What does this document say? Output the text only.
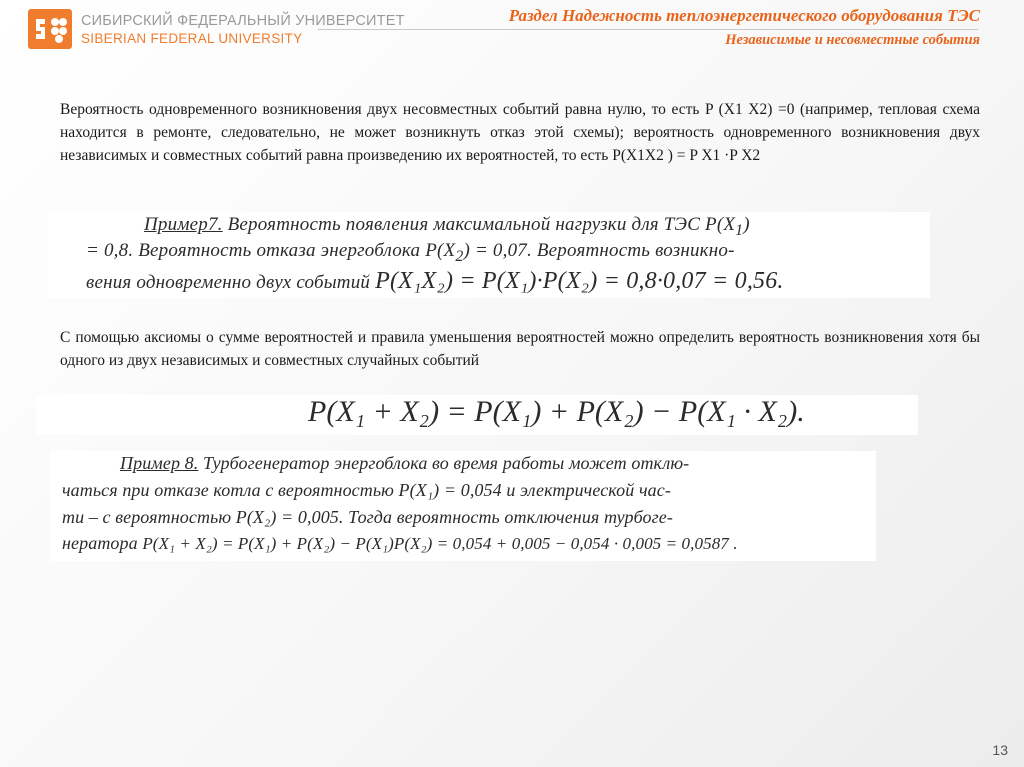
СИБИРСКИЙ ФЕДЕРАЛЬНЫЙ УНИВЕРСИТЕТ
SIBERIAN FEDERAL UNIVERSITY
Раздел Надежность теплоэнергетического оборудования ТЭС
Независимые и несовместные события
Вероятность одновременного возникновения двух несовместных событий равна нулю, то есть P (X1 X2) =0 (например, тепловая схема находится в ремонте, следовательно, не может возникнуть отказ этой схемы); вероятность одновременного возникновения двух независимых и совместных событий равна произведению их вероятностей, то есть Р(X1X2 ) = P X1 ·P X2
Пример7. Вероятность появления максимальной нагрузки для ТЭС $P(X_1)$
= 0,8. Вероятность отказа энергоблока $P(X_2) = 0,07$. Вероятность возникно-
вения одновременно двух событий P(X₁X₂) = P(X₁)·P(X₂) = 0,8·0,07 = 0,56.
С помощью аксиомы о сумме вероятностей и правила уменьшения вероятностей можно определить вероятность возникновения хотя бы одного из двух независимых и совместных случайных событий
P(X₁ + X₂) = P(X₁) + P(X₂) − P(X₁ · X₂).
Пример 8. Турбогенератор энергоблока во время работы может отклю-
чаться при отказе котла с вероятностью P(X₁) = 0,054 и электрической час-
ти – с вероятностью P(X₂) = 0,005. Тогда вероятность отключения турбоге-
нератора P(X₁ + X₂) = P(X₁) + P(X₂) − P(X₁)P(X₂) = 0,054 + 0,005 − 0,054 · 0,005 = 0,0587 .
13
